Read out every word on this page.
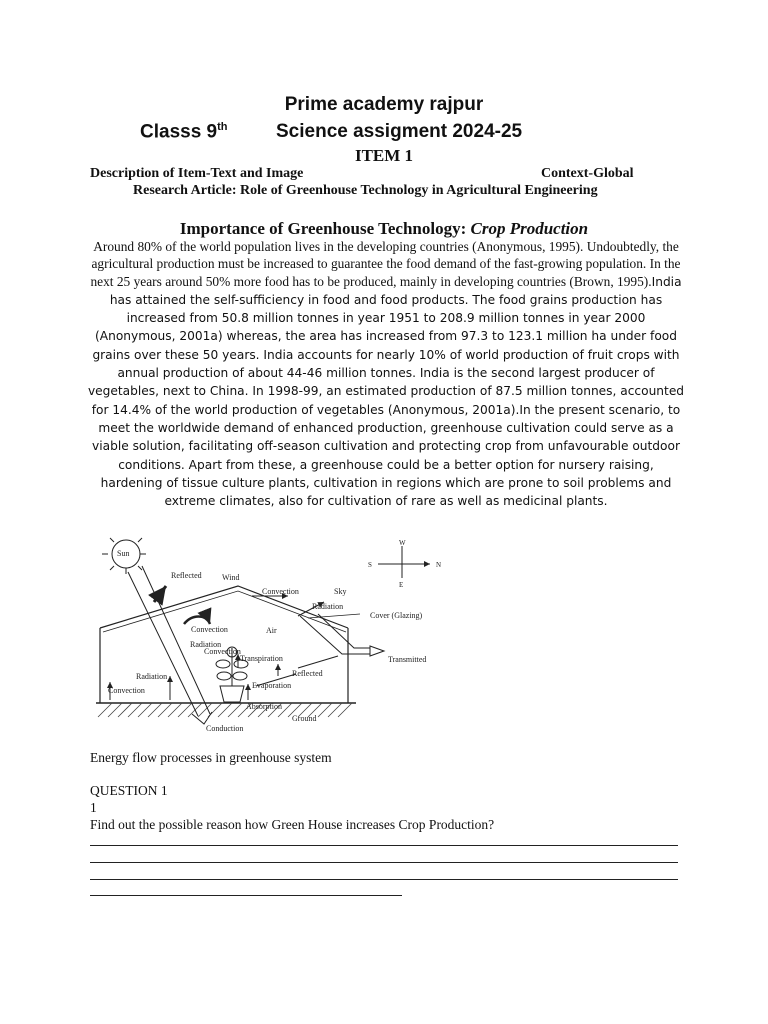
Prime academy rajpur
Classs 9th	Science assigment 2024-25
ITEM 1
Description of Item-Text and Image	Context-Global
Research Article: Role of Greenhouse Technology in Agricultural Engineering
Importance of Greenhouse Technology: Crop Production
Around 80% of the world population lives in the developing countries (Anonymous, 1995). Undoubtedly, the agricultural production must be increased to guarantee the food demand of the fast-growing population. In the next 25 years around 50% more food has to be produced, mainly in developing countries (Brown, 1995).India has attained the self-sufficiency in food and food products. The food grains production has increased from 50.8 million tonnes in year 1951 to 208.9 million tonnes in year 2000 (Anonymous, 2001a) whereas, the area has increased from 97.3 to 123.1 million ha under food grains over these 50 years. India accounts for nearly 10% of world production of fruit crops with annual production of about 44-46 million tonnes. India is the second largest producer of vegetables, next to China. In 1998-99, an estimated production of 87.5 million tonnes, accounted for 14.4% of the world production of vegetables (Anonymous, 2001a).In the present scenario, to meet the worldwide demand of enhanced production, greenhouse cultivation could serve as a viable solution, facilitating off-season cultivation and protecting crop from unfavourable outdoor conditions. Apart from these, a greenhouse could be a better option for nursery raising, hardening of tissue culture plants, cultivation in regions which are prone to soil problems and extreme climates, also for cultivation of rare as well as medicinal plants.
Sun
Reflected	Wind
Convection	Sky
Radiation
Cover (Glazing)
Convection	Air
Radiation
Convection
Transpiration	Transmitted
Radiation	Reflected
Evaporation
Convection
Absorption
Ground
Conduction
W
S	N
E
Energy flow processes in greenhouse system
QUESTION 1
1
Find out the possible reason how Green House increases Crop Production?
